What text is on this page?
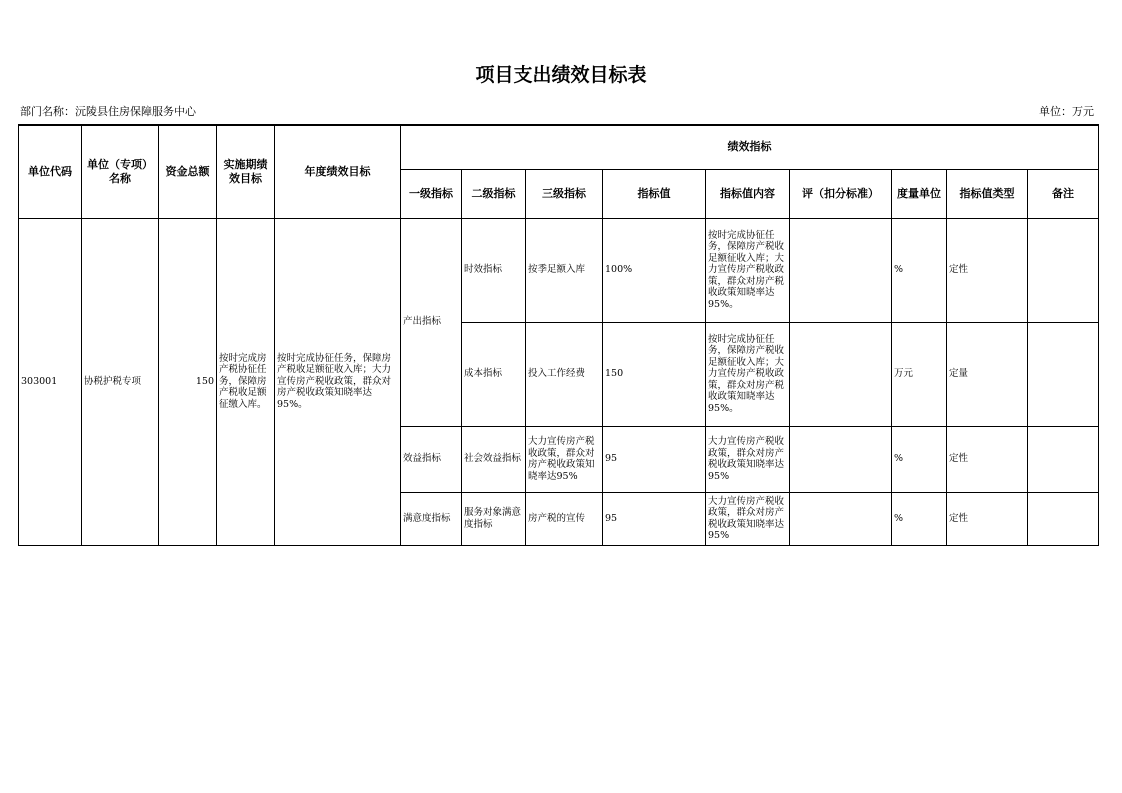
项目支出绩效目标表
部门名称：沅陵县住房保障服务中心	单位：万元
单位代码	单位（专项）名称	资金总额	实施期绩效目标	年度绩效目标	绩效指标								
					一级指标	二级指标	三级指标	指标值	指标值内容	评（扣分标准）	度量单位	指标值类型	备注
303001	协税护税专项	150	按时完成房产税协征任务，保障房产税收足额征缴入库。	按时完成协征任务，保障房产税收足额征收入库；大力宣传房产税收政策，群众对房产税收政策知晓率达95%。	产出指标	时效指标	按季足额入库	100%	按时完成协征任务，保障房产税收足额征收入库；大力宣传房产税收政策，群众对房产税收政策知晓率达95%。		%	定性	
						成本指标	投入工作经费	150	按时完成协征任务，保障房产税收足额征收入库；大力宣传房产税收政策，群众对房产税收政策知晓率达95%。		万元	定量	
					效益指标	社会效益指标	大力宣传房产税收政策，群众对房产税收政策知晓率达95%	95	大力宣传房产税收政策，群众对房产税收政策知晓率达95%		%	定性	
					满意度指标	服务对象满意度指标	房产税的宣传	95	大力宣传房产税收政策，群众对房产税收政策知晓率达95%		%	定性	
